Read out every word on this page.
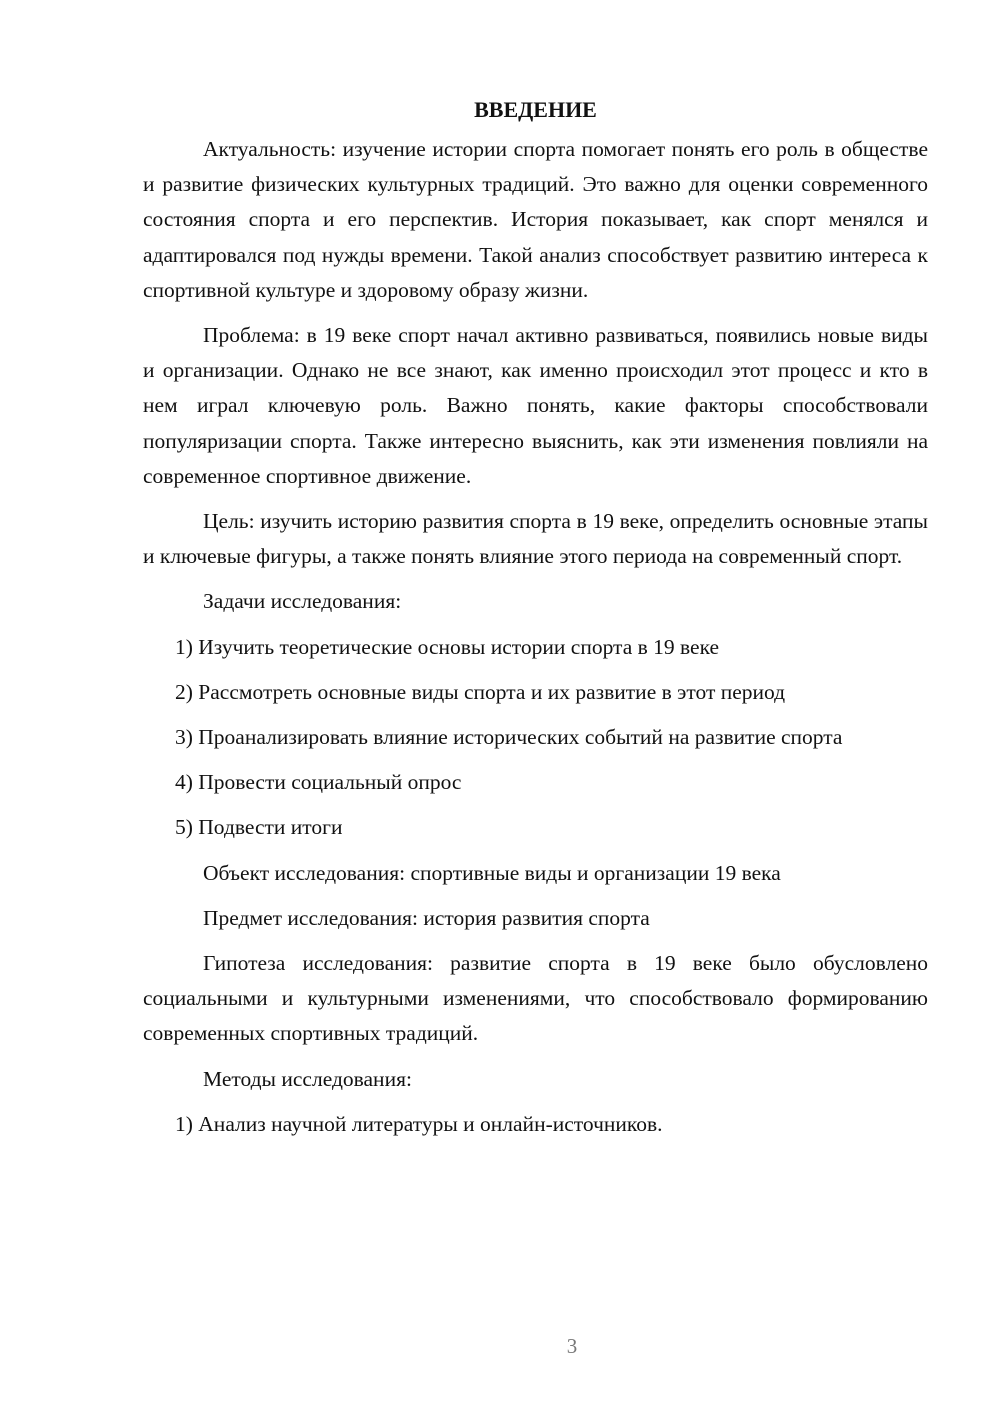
ВВЕДЕНИЕ

Актуальность: изучение истории спорта помогает понять его роль в обществе и развитие физических культурных традиций. Это важно для оценки современного состояния спорта и его перспектив. История показывает, как спорт менялся и адаптировался под нужды времени. Такой анализ способствует развитию интереса к спортивной культуре и здоровому образу жизни.

Проблема: в 19 веке спорт начал активно развиваться, появились новые виды и организации. Однако не все знают, как именно происходил этот процесс и кто в нем играл ключевую роль. Важно понять, какие факторы способствовали популяризации спорта. Также интересно выяснить, как эти изменения повлияли на современное спортивное движение.

Цель: изучить историю развития спорта в 19 веке, определить основные этапы и ключевые фигуры, а также понять влияние этого периода на современный спорт.

Задачи исследования:

1) Изучить теоретические основы истории спорта в 19 веке

2) Рассмотреть основные виды спорта и их развитие в этот период

3) Проанализировать влияние исторических событий на развитие спорта

4) Провести социальный опрос

5) Подвести итоги

Объект исследования: спортивные виды и организации 19 века

Предмет исследования: история развития спорта

Гипотеза исследования: развитие спорта в 19 веке было обусловлено социальными и культурными изменениями, что способствовало формированию современных спортивных традиций.

Методы исследования:

1) Анализ научной литературы и онлайн-источников.

3
